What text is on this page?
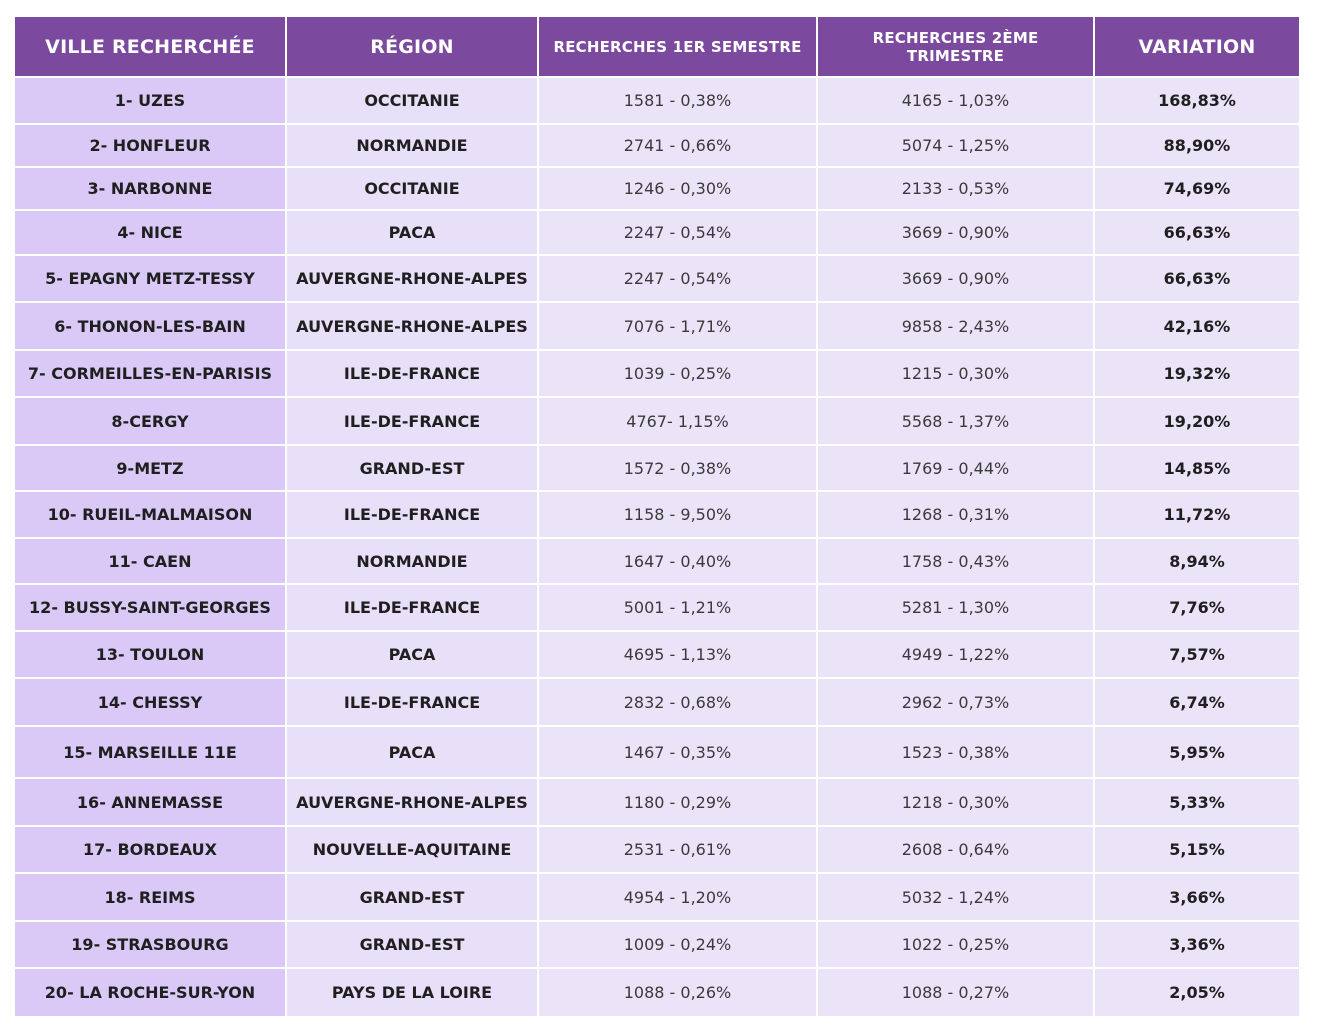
VILLE RECHERCHÉE	RÉGION	RECHERCHES 1ER SEMESTRE	RECHERCHES 2ÈME TRIMESTRE	VARIATION
1- UZES	OCCITANIE	1581 - 0,38%	4165 - 1,03%	168,83%
2- HONFLEUR	NORMANDIE	2741 - 0,66%	5074 - 1,25%	88,90%
3- NARBONNE	OCCITANIE	1246 - 0,30%	2133 - 0,53%	74,69%
4- NICE	PACA	2247 - 0,54%	3669 - 0,90%	66,63%
5- EPAGNY METZ-TESSY	AUVERGNE-RHONE-ALPES	2247 - 0,54%	3669 - 0,90%	66,63%
6- THONON-LES-BAIN	AUVERGNE-RHONE-ALPES	7076 - 1,71%	9858 - 2,43%	42,16%
7- CORMEILLES-EN-PARISIS	ILE-DE-FRANCE	1039 - 0,25%	1215 - 0,30%	19,32%
8-CERGY	ILE-DE-FRANCE	4767- 1,15%	5568 - 1,37%	19,20%
9-METZ	GRAND-EST	1572 - 0,38%	1769 - 0,44%	14,85%
10- RUEIL-MALMAISON	ILE-DE-FRANCE	1158 - 9,50%	1268 - 0,31%	11,72%
11- CAEN	NORMANDIE	1647 - 0,40%	1758 - 0,43%	8,94%
12- BUSSY-SAINT-GEORGES	ILE-DE-FRANCE	5001 - 1,21%	5281 - 1,30%	7,76%
13- TOULON	PACA	4695 - 1,13%	4949 - 1,22%	7,57%
14- CHESSY	ILE-DE-FRANCE	2832 - 0,68%	2962 - 0,73%	6,74%
15- MARSEILLE 11E	PACA	1467 - 0,35%	1523 - 0,38%	5,95%
16- ANNEMASSE	AUVERGNE-RHONE-ALPES	1180 - 0,29%	1218 - 0,30%	5,33%
17- BORDEAUX	NOUVELLE-AQUITAINE	2531 - 0,61%	2608 - 0,64%	5,15%
18- REIMS	GRAND-EST	4954 - 1,20%	5032 - 1,24%	3,66%
19- STRASBOURG	GRAND-EST	1009 - 0,24%	1022 - 0,25%	3,36%
20- LA ROCHE-SUR-YON	PAYS DE LA LOIRE	1088 - 0,26%	1088 - 0,27%	2,05%
